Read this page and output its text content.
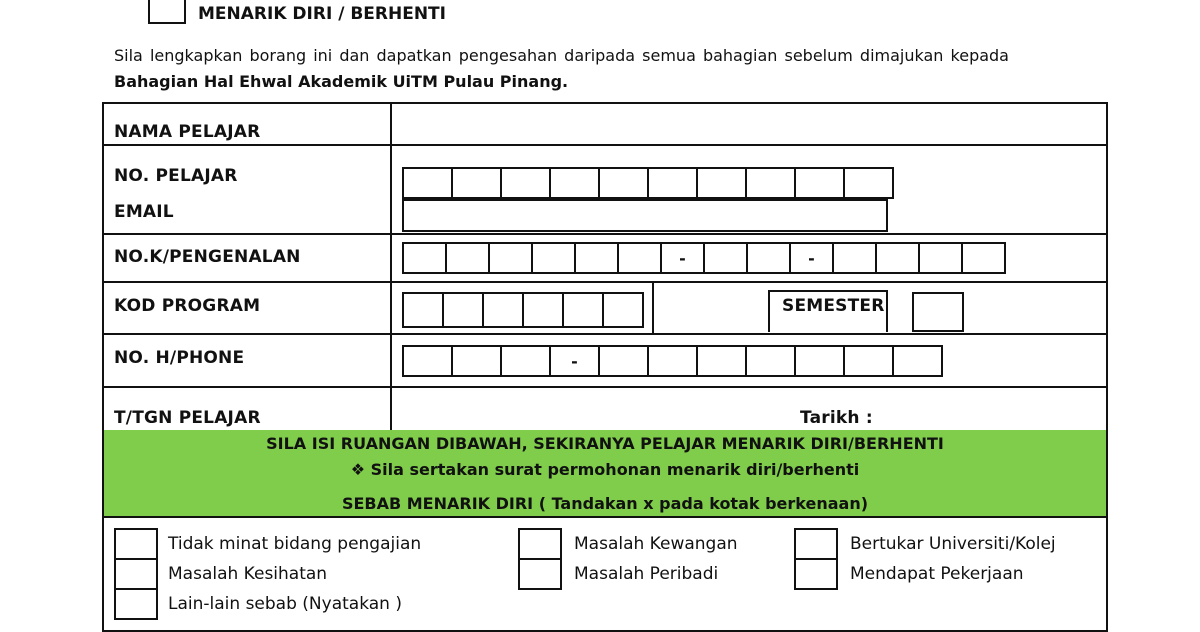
MENARIK DIRI / BERHENTI
Sila lengkapkan borang ini dan dapatkan pengesahan daripada semua bahagian sebelum dimajukan kepada
Bahagian Hal Ehwal Akademik UiTM Pulau Pinang.
NAMA PELAJAR
NO. PELAJAR
EMAIL
NO.K/PENGENALAN
KOD PROGRAM
NO. H/PHONE
T/TGN PELAJAR
-	-
SEMESTER
-
Tarikh :
SILA ISI RUANGAN DIBAWAH, SEKIRANYA PELAJAR MENARIK DIRI/BERHENTI
❖ Sila sertakan surat permohonan menarik diri/berhenti
SEBAB MENARIK DIRI ( Tandakan x pada kotak berkenaan)
Tidak minat bidang pengajian
Masalah Kesihatan
Lain-lain sebab (Nyatakan )
Masalah Kewangan
Masalah Peribadi
Bertukar Universiti/Kolej
Mendapat Pekerjaan
